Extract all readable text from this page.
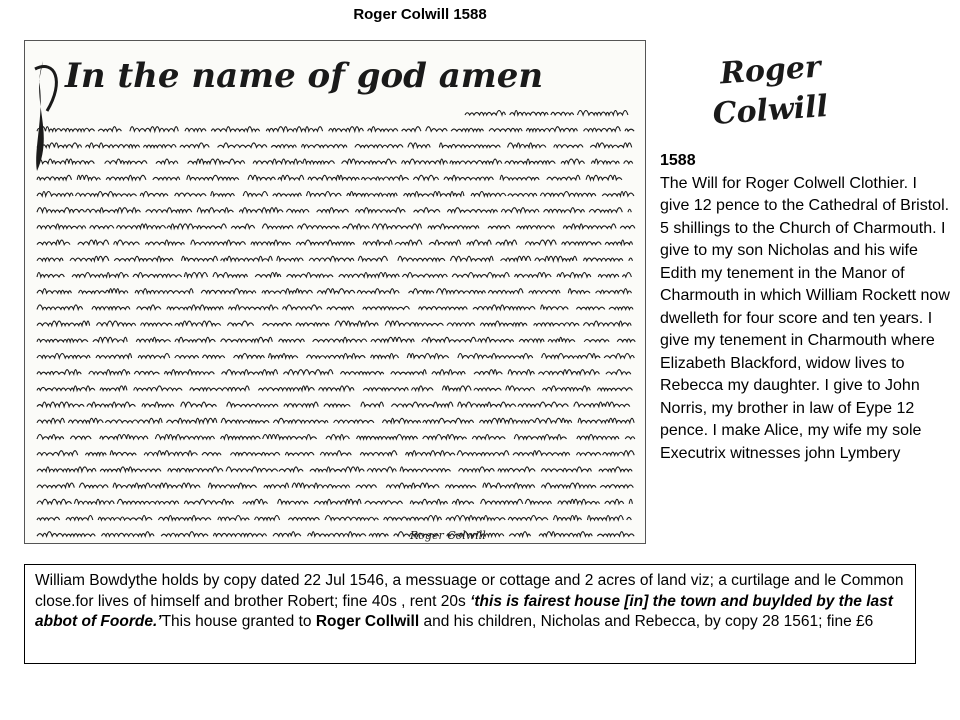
Roger Colwill 1588
In the name of god amen
Roger Colwill
Roger
Colwill
1588
The Will for Roger Colwell Clothier. I give 12 pence to the Cathedral of Bristol. 5 shillings to the Church of Charmouth. I give to my son Nicholas and his wife Edith my tenement in the Manor of Charmouth in which William Rockett now dwelleth for four score and ten years. I give my tenement in Charmouth where Elizabeth Blackford, widow lives to Rebecca my daughter. I give to John Norris, my brother in law of Eype 12 pence. I make Alice, my wife my sole Executrix witnesses john Lymbery
William Bowdythe holds by copy dated 22 Jul 1546, a messuage or cottage and 2 acres of land viz; a curtilage and le Common close.for lives of himself and brother Robert; fine 40s , rent 20s ‘this is fairest house [in] the town and buylded by the last abbot of Foorde.’This house granted to Roger Collwill and his children, Nicholas and Rebecca, by copy 28 1561; fine £6
